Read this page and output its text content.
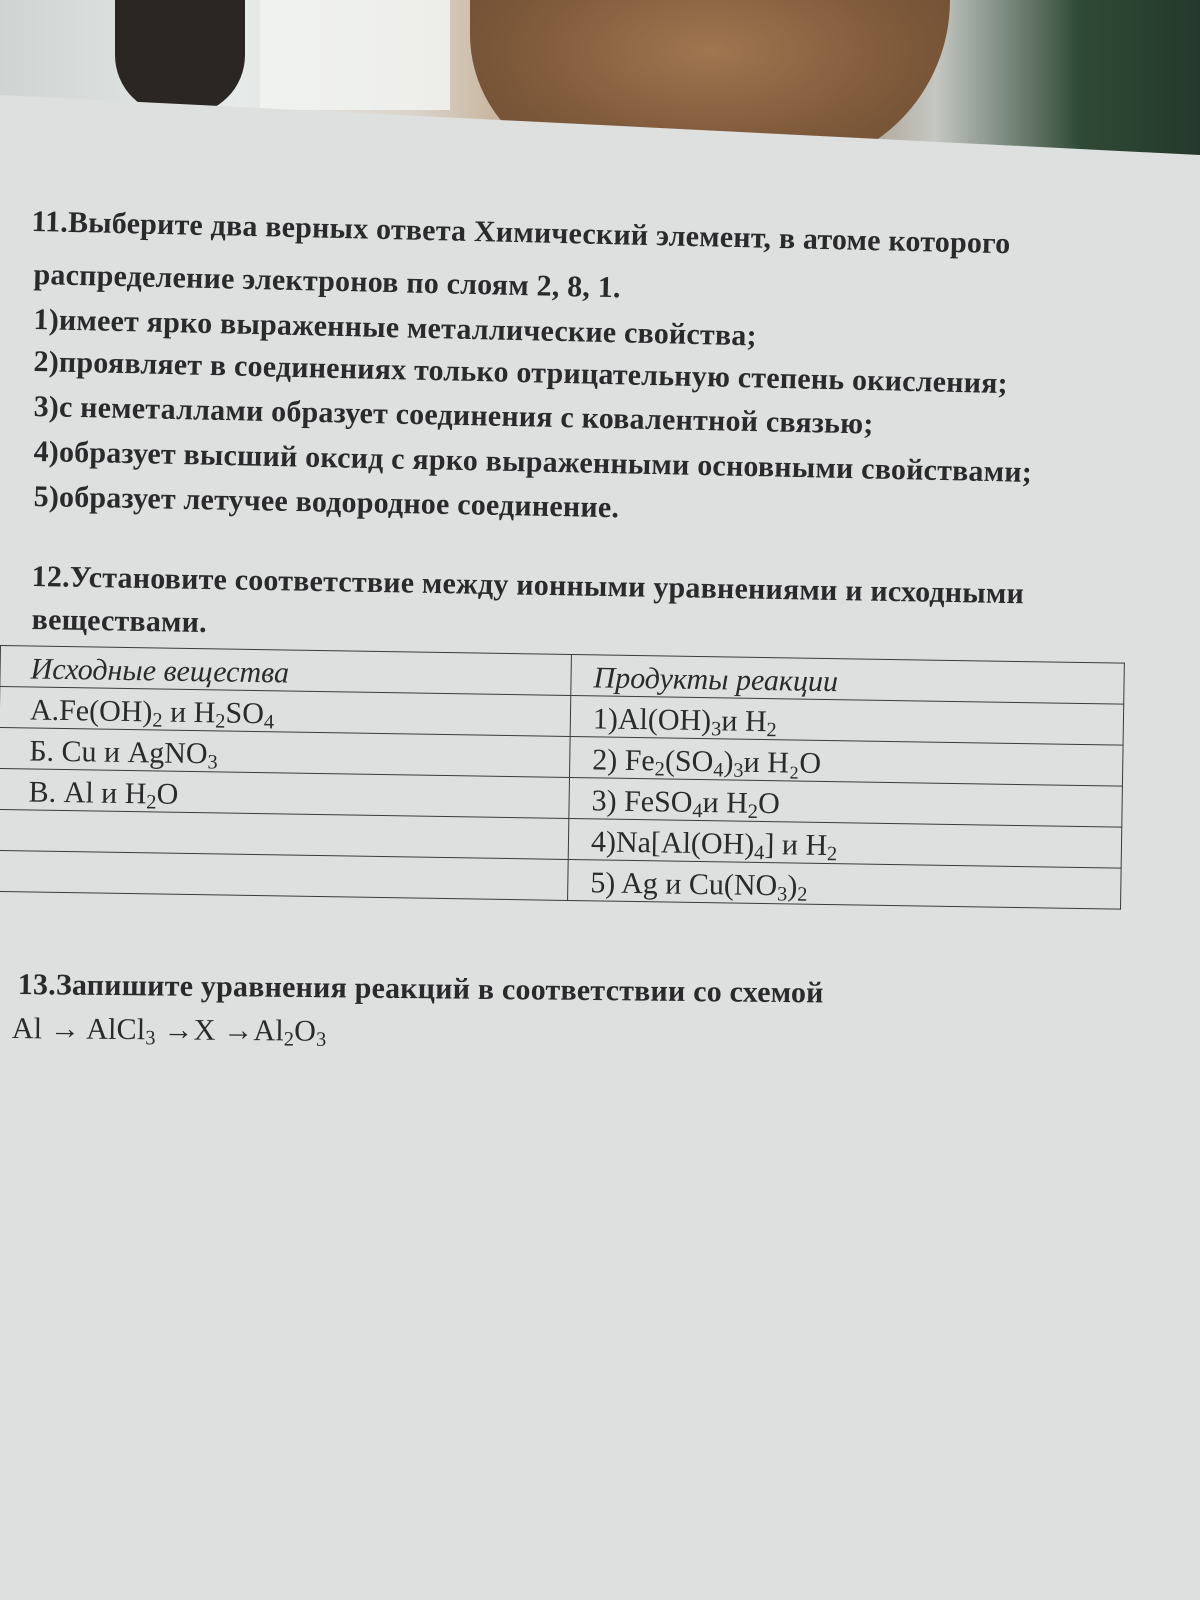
11.Выберите два верных ответа Химический элемент, в атоме которого
распределение электронов по слоям 2, 8, 1.
1)имеет ярко выраженные металлические свойства;
2)проявляет в соединениях только отрицательную степень окисления;
3)с неметаллами образует соединения с ковалентной связью;
4)образует высший оксид с ярко выраженными основными свойствами;
5)образует летучее водородное соединение.
12.Установите соответствие между ионными уравнениями и исходными
веществами.
Исходные вещества	Продукты реакции
$А.Fe(OH)_2$ и $H_2SO_4$	$1)Al(OH)_3и$ $H_2$
Б. Cu и AgNO$_3$	2) $Fe_2(SO_4)_3и$ H₂O
В. Al и $H_2O$	3) FeSO$_4$и $H_2O$
	$4)Na[Al(OH)_4]$ и $H_2$
	5) Ag и $Cu(NO_3)_2$
13.Запишите уравнения реакций в соответствии со схемой
Al → AlCl$_3$ $\to X \to Al_2O_3$
